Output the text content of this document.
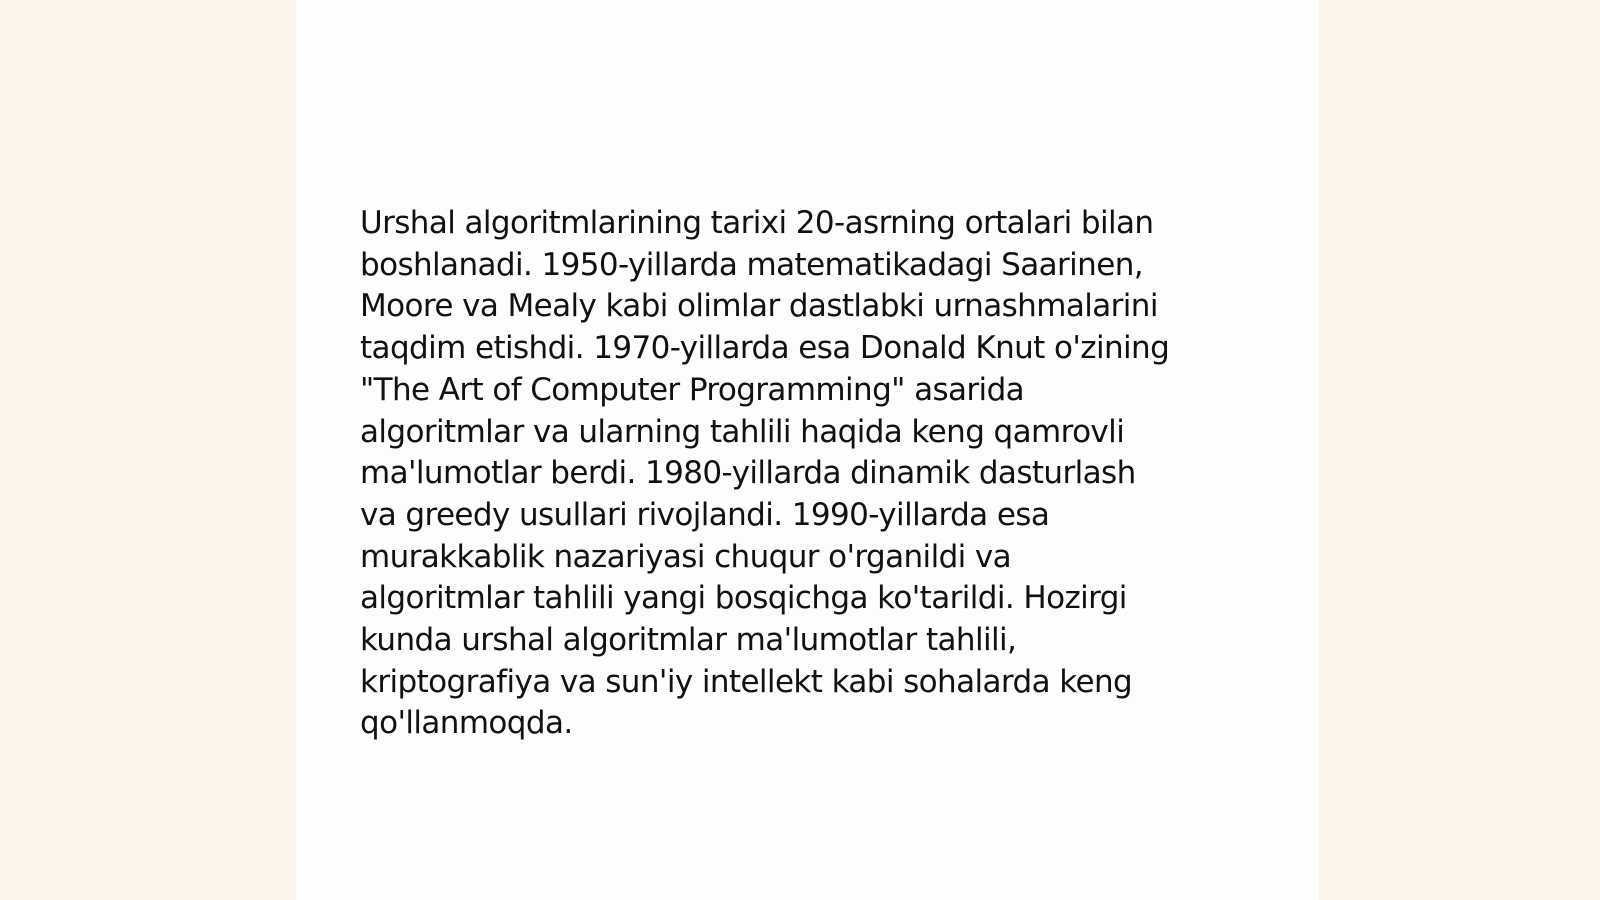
Urshal algoritmlarining tarixi 20-asrning ortalari bilan
boshlanadi. 1950-yillarda matematikadagi Saarinen,
Moore va Mealy kabi olimlar dastlabki urnashmalarini
taqdim etishdi. 1970-yillarda esa Donald Knut o'zining
"The Art of Computer Programming" asarida
algoritmlar va ularning tahlili haqida keng qamrovli
ma'lumotlar berdi. 1980-yillarda dinamik dasturlash
va greedy usullari rivojlandi. 1990-yillarda esa
murakkablik nazariyasi chuqur o'rganildi va
algoritmlar tahlili yangi bosqichga ko'tarildi. Hozirgi
kunda urshal algoritmlar ma'lumotlar tahlili,
kriptografiya va sun'iy intellekt kabi sohalarda keng
qo'llanmoqda.
